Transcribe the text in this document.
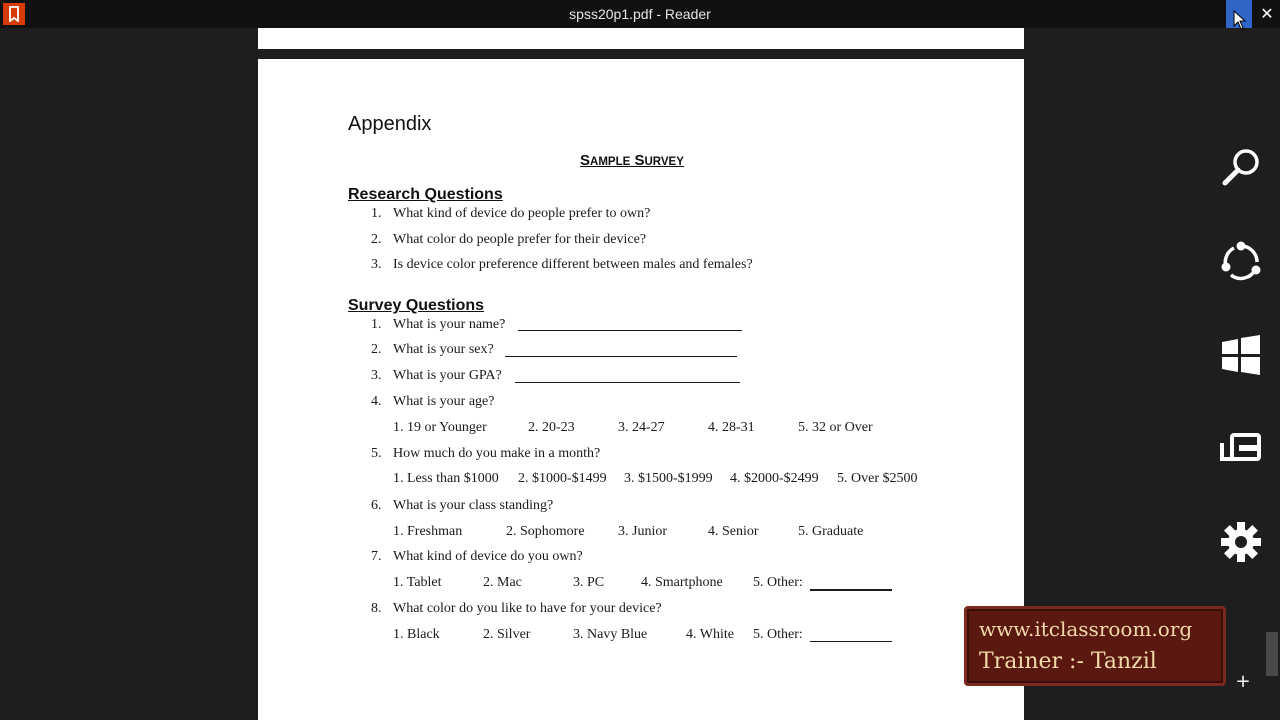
spss20p1.pdf - Reader	✕
Appendix
SAMPLE SURVEY
Research Questions
1. What kind of device do people prefer to own?
2. What color do people prefer for their device?
3. Is device color preference different between males and females?
Survey Questions
1. What is your name?
2. What is your sex?
3. What is your GPA?
4. What is your age?
1. 19 or Younger	2. 20-23	3. 24-27	4. 28-31	5. 32 or Over
5. How much do you make in a month?
1. Less than $1000 2. $1000-$1499 3. $1500-$1999 4. $2000-$2499 5. Over $2500
6. What is your class standing?
1. Freshman	2. Sophomore 3. Junior	4. Senior	5. Graduate
7. What kind of device do you own?
1. Tablet	2. Mac	3. PC	4. Smartphone 5. Other:
8. What color do you like to have for your device?
1. Black	2. Silver	3. Navy Blue	4. White 5. Other:
+
www.itclassroom.org
Trainer :- Tanzil
